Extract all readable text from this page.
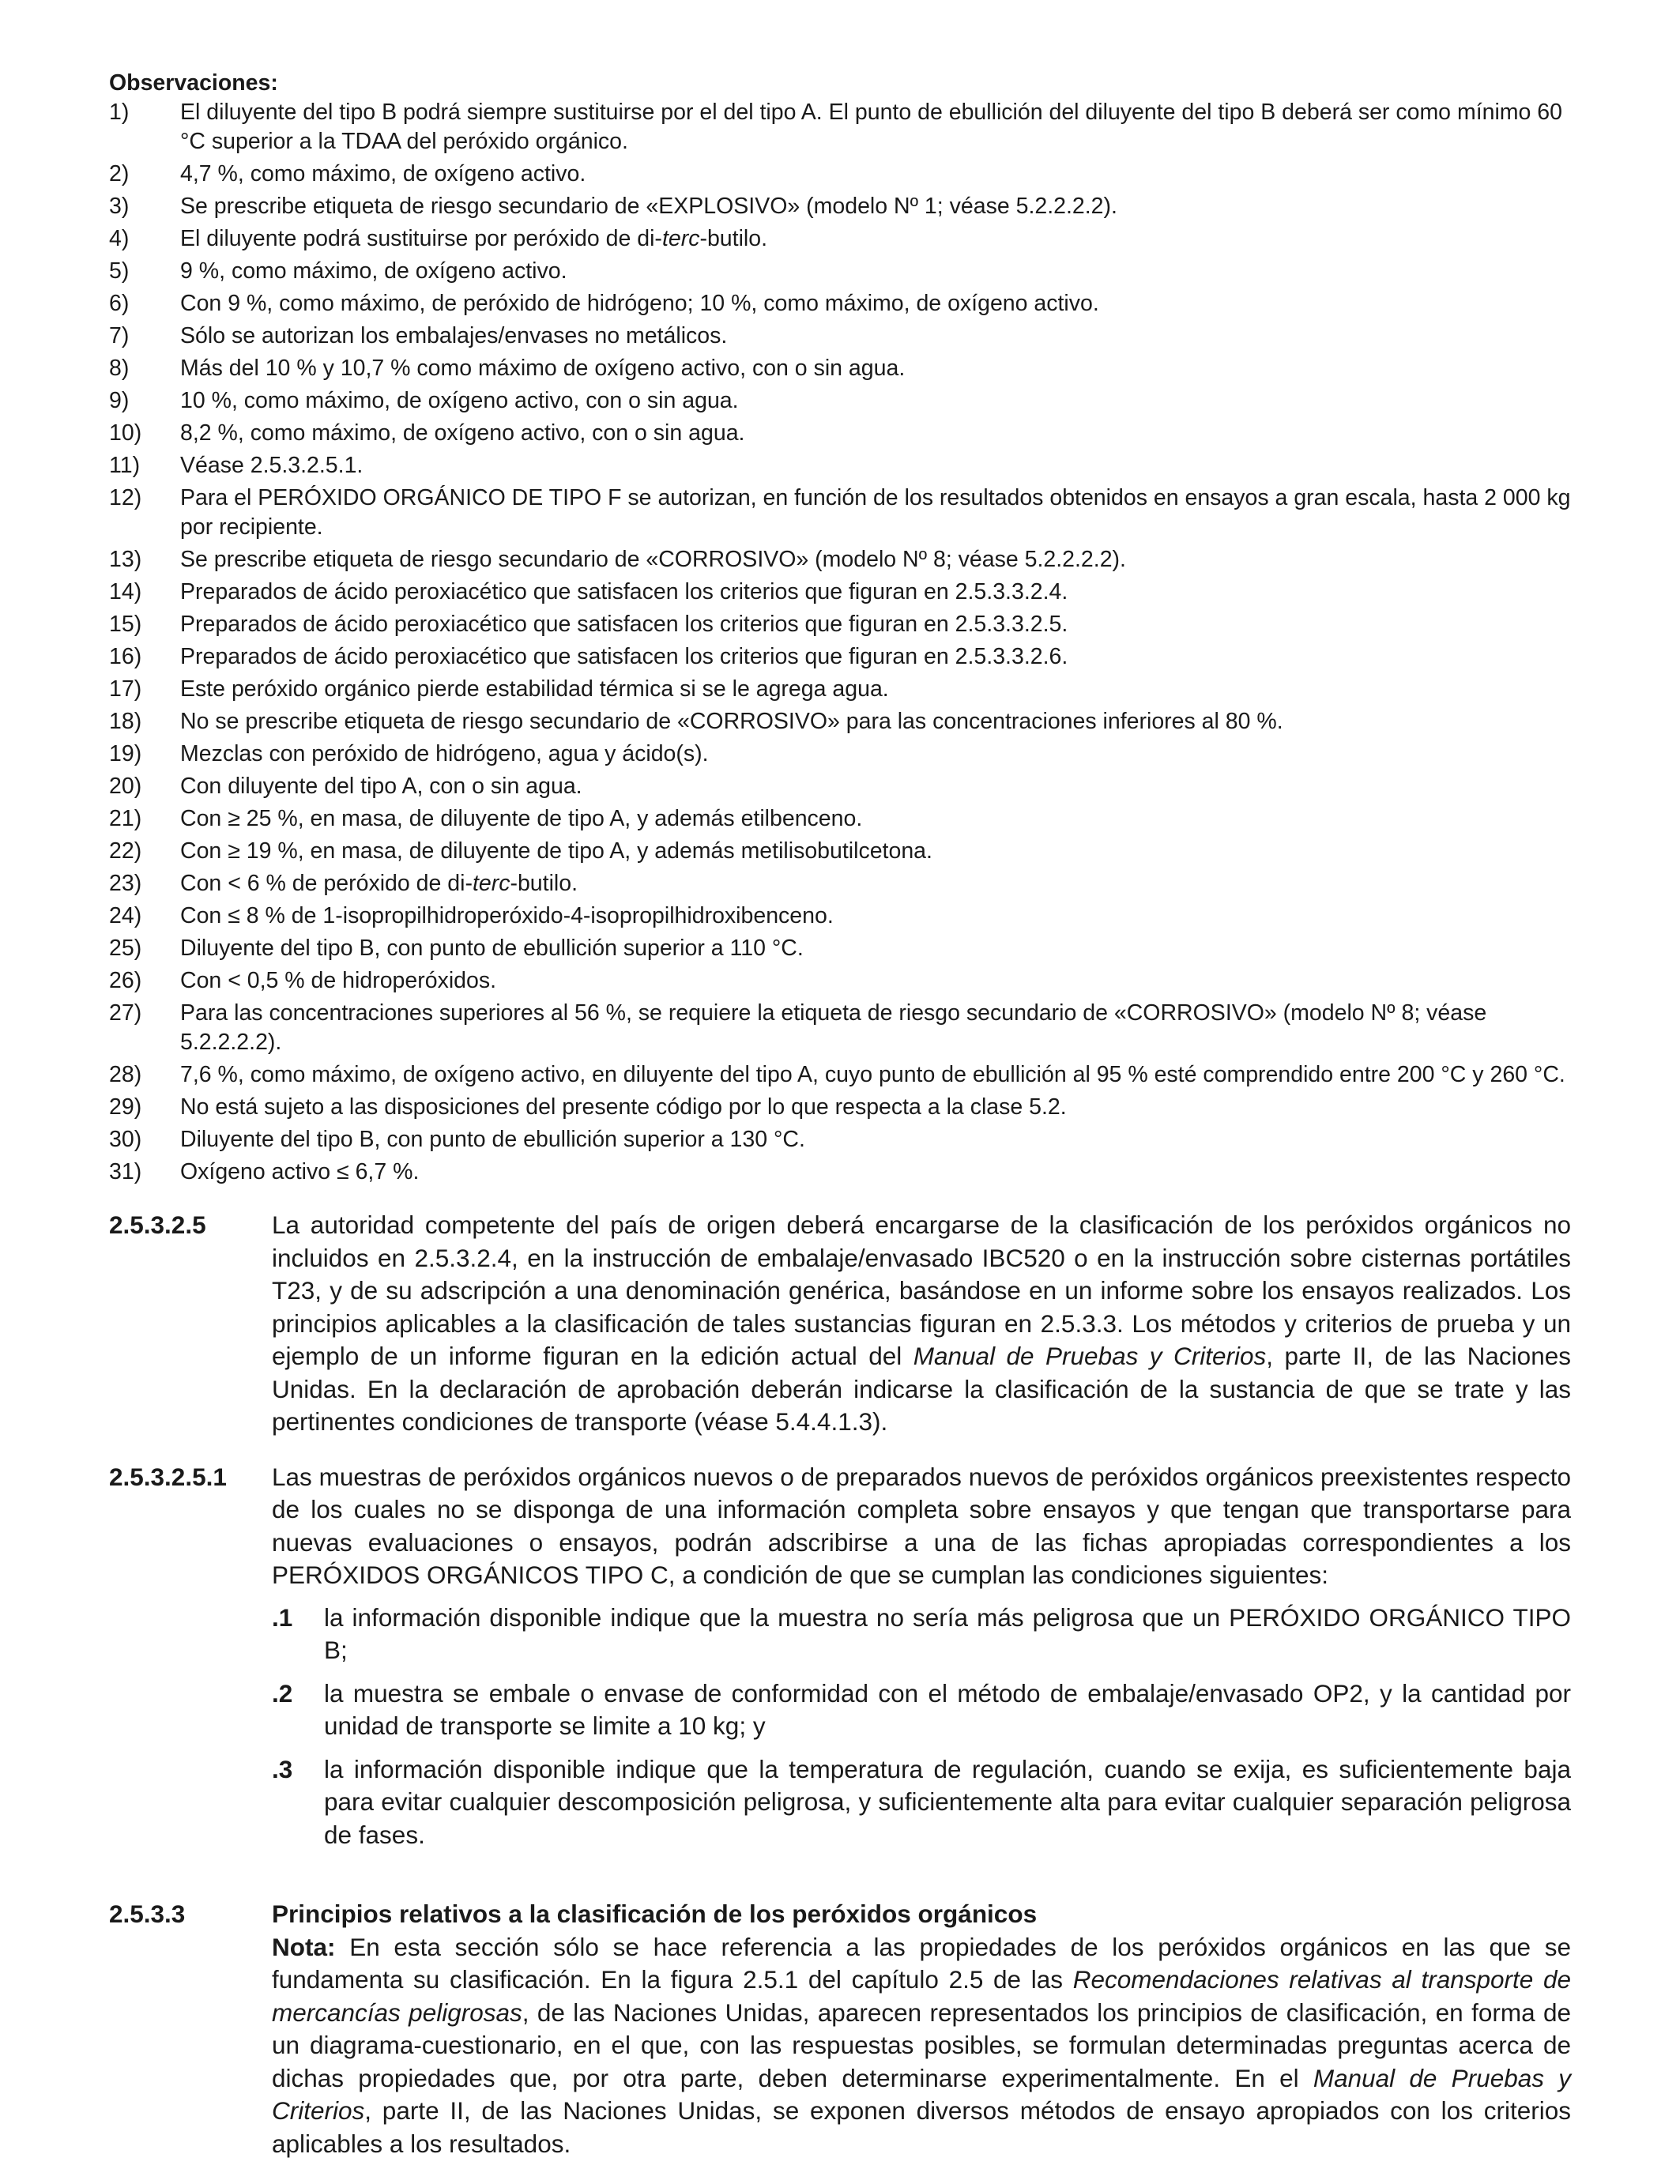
Observaciones:
1)	El diluyente del tipo B podrá siempre sustituirse por el del tipo A. El punto de ebullición del diluyente del tipo B deberá ser como mínimo 60 °C superior a la TDAA del peróxido orgánico.
2)	4,7 %, como máximo, de oxígeno activo.
3)	Se prescribe etiqueta de riesgo secundario de «EXPLOSIVO» (modelo Nº 1; véase 5.2.2.2.2).
4)	El diluyente podrá sustituirse por peróxido de di-terc-butilo.
5)	9 %, como máximo, de oxígeno activo.
6)	Con 9 %, como máximo, de peróxido de hidrógeno; 10 %, como máximo, de oxígeno activo.
7)	Sólo se autorizan los embalajes/envases no metálicos.
8)	Más del 10 % y 10,7 % como máximo de oxígeno activo, con o sin agua.
9)	10 %, como máximo, de oxígeno activo, con o sin agua.
10)	8,2 %, como máximo, de oxígeno activo, con o sin agua.
11)	Véase 2.5.3.2.5.1.
12)	Para el PERÓXIDO ORGÁNICO DE TIPO F se autorizan, en función de los resultados obtenidos en ensayos a gran escala, hasta 2 000 kg por recipiente.
13)	Se prescribe etiqueta de riesgo secundario de «CORROSIVO» (modelo Nº 8; véase 5.2.2.2.2).
14)	Preparados de ácido peroxiacético que satisfacen los criterios que figuran en 2.5.3.3.2.4.
15)	Preparados de ácido peroxiacético que satisfacen los criterios que figuran en 2.5.3.3.2.5.
16)	Preparados de ácido peroxiacético que satisfacen los criterios que figuran en 2.5.3.3.2.6.
17)	Este peróxido orgánico pierde estabilidad térmica si se le agrega agua.
18)	No se prescribe etiqueta de riesgo secundario de «CORROSIVO» para las concentraciones inferiores al 80 %.
19)	Mezclas con peróxido de hidrógeno, agua y ácido(s).
20)	Con diluyente del tipo A, con o sin agua.
21)	Con ≥ 25 %, en masa, de diluyente de tipo A, y además etilbenceno.
22)	Con ≥ 19 %, en masa, de diluyente de tipo A, y además metilisobutilcetona.
23)	Con < 6 % de peróxido de di-terc-butilo.
24)	Con ≤ 8 % de 1-isopropilhidroperóxido-4-isopropilhidroxibenceno.
25)	Diluyente del tipo B, con punto de ebullición superior a 110 °C.
26)	Con < 0,5 % de hidroperóxidos.
27)	Para las concentraciones superiores al 56 %, se requiere la etiqueta de riesgo secundario de «CORROSIVO» (modelo Nº 8; véase 5.2.2.2.2).
28)	7,6 %, como máximo, de oxígeno activo, en diluyente del tipo A, cuyo punto de ebullición al 95 % esté comprendido entre 200 °C y 260 °C.
29)	No está sujeto a las disposiciones del presente código por lo que respecta a la clase 5.2.
30)	Diluyente del tipo B, con punto de ebullición superior a 130 °C.
31)	Oxígeno activo ≤ 6,7 %.
2.5.3.2.5	La autoridad competente del país de origen deberá encargarse de la clasificación de los peróxidos orgánicos no incluidos en 2.5.3.2.4, en la instrucción de embalaje/envasado IBC520 o en la instrucción sobre cisternas portátiles T23, y de su adscripción a una denominación genérica, basándose en un informe sobre los ensayos realizados. Los principios aplicables a la clasificación de tales sustancias figuran en 2.5.3.3. Los métodos y criterios de prueba y un ejemplo de un informe figuran en la edición actual del Manual de Pruebas y Criterios, parte II, de las Naciones Unidas. En la declaración de aprobación deberán indicarse la clasificación de la sustancia de que se trate y las pertinentes condiciones de transporte (véase 5.4.4.1.3).

2.5.3.2.5.1	Las muestras de peróxidos orgánicos nuevos o de preparados nuevos de peróxidos orgánicos preexistentes respecto de los cuales no se disponga de una información completa sobre ensayos y que tengan que transportarse para nuevas evaluaciones o ensayos, podrán adscribirse a una de las fichas apropiadas correspondientes a los PERÓXIDOS ORGÁNICOS TIPO C, a condición de que se cumplan las condiciones siguientes:

.1	la información disponible indique que la muestra no sería más peligrosa que un PERÓXIDO ORGÁNICO TIPO B;
.2	la muestra se embale o envase de conformidad con el método de embalaje/envasado OP2, y la cantidad por unidad de transporte se limite a 10 kg; y
.3	la información disponible indique que la temperatura de regulación, cuando se exija, es suficientemente baja para evitar cualquier descomposición peligrosa, y suficientemente alta para evitar cualquier separación peligrosa de fases.
2.5.3.3	Principios relativos a la clasificación de los peróxidos orgánicos

Nota: En esta sección sólo se hace referencia a las propiedades de los peróxidos orgánicos en las que se fundamenta su clasificación. En la figura 2.5.1 del capítulo 2.5 de las Recomendaciones relativas al transporte de mercancías peligrosas, de las Naciones Unidas, aparecen representados los principios de clasificación, en forma de un diagrama-cuestionario, en el que, con las respuestas posibles, se formulan determinadas preguntas acerca de dichas propiedades que, por otra parte, deben determinarse experimentalmente. En el Manual de Pruebas y Criterios, parte II, de las Naciones Unidas, se exponen diversos métodos de ensayo apropiados con los criterios aplicables a los resultados.
